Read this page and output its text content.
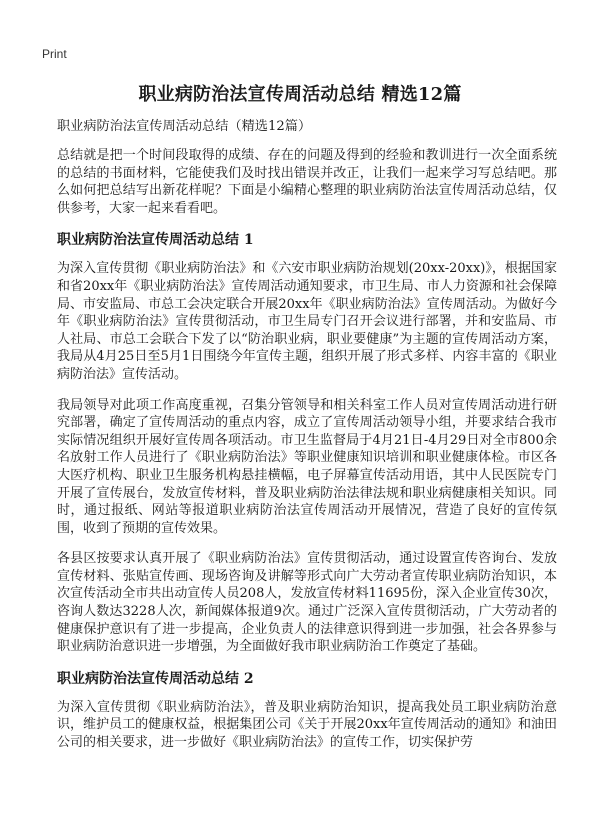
Print
职业病防治法宣传周活动总结 精选12篇
职业病防治法宣传周活动总结（精选12篇）

总结就是把一个时间段取得的成绩、存在的问题及得到的经验和教训进行一次全面系统的总结的书面材料，它能使我们及时找出错误并改正，让我们一起来学习写总结吧。那么如何把总结写出新花样呢？下面是小编精心整理的职业病防治法宣传周活动总结，仅供参考，大家一起来看看吧。

职业病防治法宣传周活动总结 1

为深入宣传贯彻《职业病防治法》和《六安市职业病防治规划(20xx-20xx)》，根据国家和省20xx年《职业病防治法》宣传周活动通知要求，市卫生局、市人力资源和社会保障局、市安监局、市总工会决定联合开展20xx年《职业病防治法》宣传周活动。为做好今年《职业病防治法》宣传贯彻活动，市卫生局专门召开会议进行部署，并和安监局、市人社局、市总工会联合下发了以“防治职业病，职业要健康”为主题的宣传周活动方案，我局从4月25日至5月1日围绕今年宣传主题，组织开展了形式多样、内容丰富的《职业病防治法》宣传活动。

我局领导对此项工作高度重视，召集分管领导和相关科室工作人员对宣传周活动进行研究部署，确定了宣传周活动的重点内容，成立了宣传周活动领导小组，并要求结合我市实际情况组织开展好宣传周各项活动。市卫生监督局于4月21日-4月29日对全市800余名放射工作人员进行了《职业病防治法》等职业健康知识培训和职业健康体检。市区各大医疗机构、职业卫生服务机构悬挂横幅，电子屏幕宣传活动用语，其中人民医院专门开展了宣传展台，发放宣传材料，普及职业病防治法律法规和职业病健康相关知识。同时，通过报纸、网站等报道职业病防治法宣传周活动开展情况，营造了良好的宣传氛围，收到了预期的宣传效果。

各县区按要求认真开展了《职业病防治法》宣传贯彻活动，通过设置宣传咨询台、发放宣传材料、张贴宣传画、现场咨询及讲解等形式向广大劳动者宣传职业病防治知识，本次宣传活动全市共出动宣传人员208人，发放宣传材料11695份，深入企业宣传30次，咨询人数达3228人次，新闻媒体报道9次。通过广泛深入宣传贯彻活动，广大劳动者的健康保护意识有了进一步提高，企业负责人的法律意识得到进一步加强，社会各界参与职业病防治意识进一步增强，为全面做好我市职业病防治工作奠定了基础。

职业病防治法宣传周活动总结 2

为深入宣传贯彻《职业病防治法》，普及职业病防治知识，提高我处员工职业病防治意识，维护员工的健康权益，根据集团公司《关于开展20xx年宣传周活动的通知》和油田公司的相关要求，进一步做好《职业病防治法》的宣传工作，切实保护劳
